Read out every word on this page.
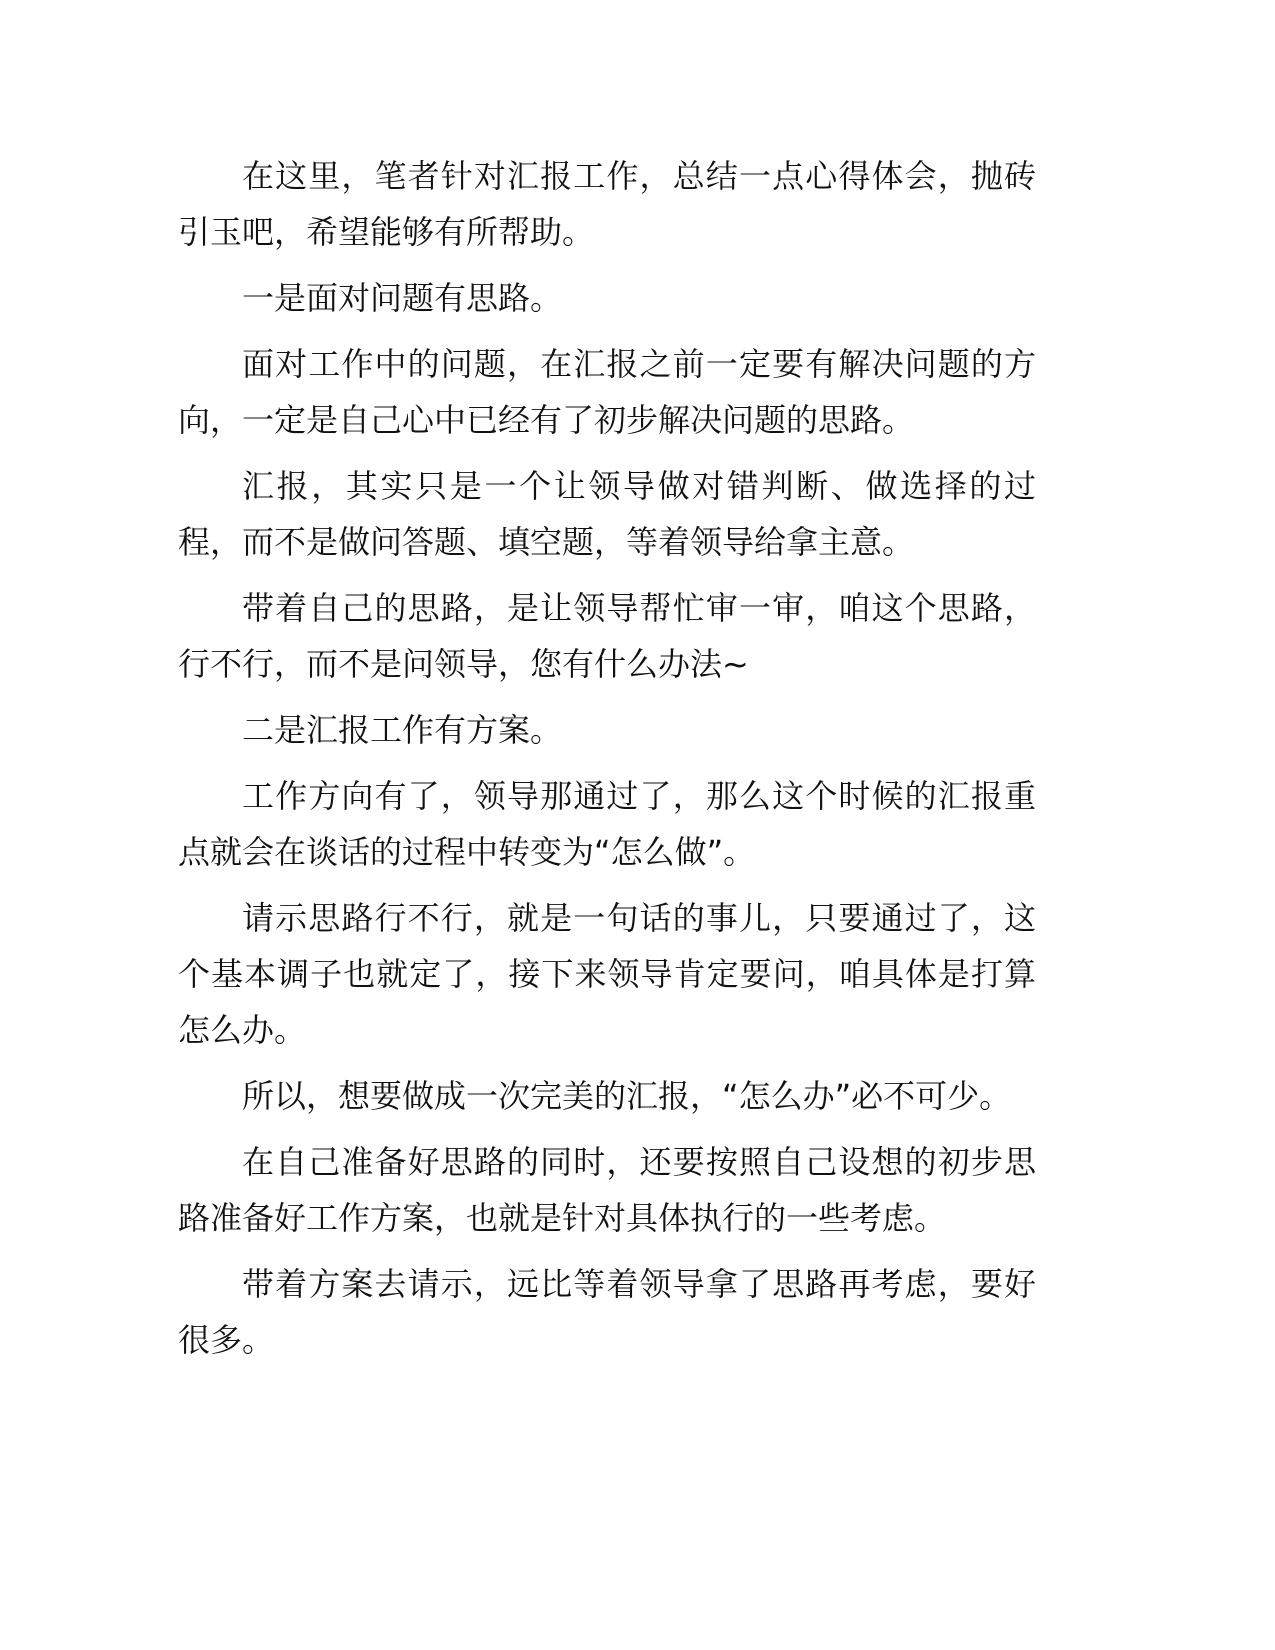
在这里，笔者针对汇报工作，总结一点心得体会，抛砖引玉吧，希望能够有所帮助。

一是面对问题有思路。

面对工作中的问题，在汇报之前一定要有解决问题的方向，一定是自己心中已经有了初步解决问题的思路。

汇报，其实只是一个让领导做对错判断、做选择的过程，而不是做问答题、填空题，等着领导给拿主意。

带着自己的思路，是让领导帮忙审一审，咱这个思路，行不行，而不是问领导，您有什么办法~

二是汇报工作有方案。

工作方向有了，领导那通过了，那么这个时候的汇报重点就会在谈话的过程中转变为“怎么做”。

请示思路行不行，就是一句话的事儿，只要通过了，这个基本调子也就定了，接下来领导肯定要问，咱具体是打算怎么办。

所以，想要做成一次完美的汇报，“怎么办”必不可少。

在自己准备好思路的同时，还要按照自己设想的初步思路准备好工作方案，也就是针对具体执行的一些考虑。

带着方案去请示，远比等着领导拿了思路再考虑，要好很多。
